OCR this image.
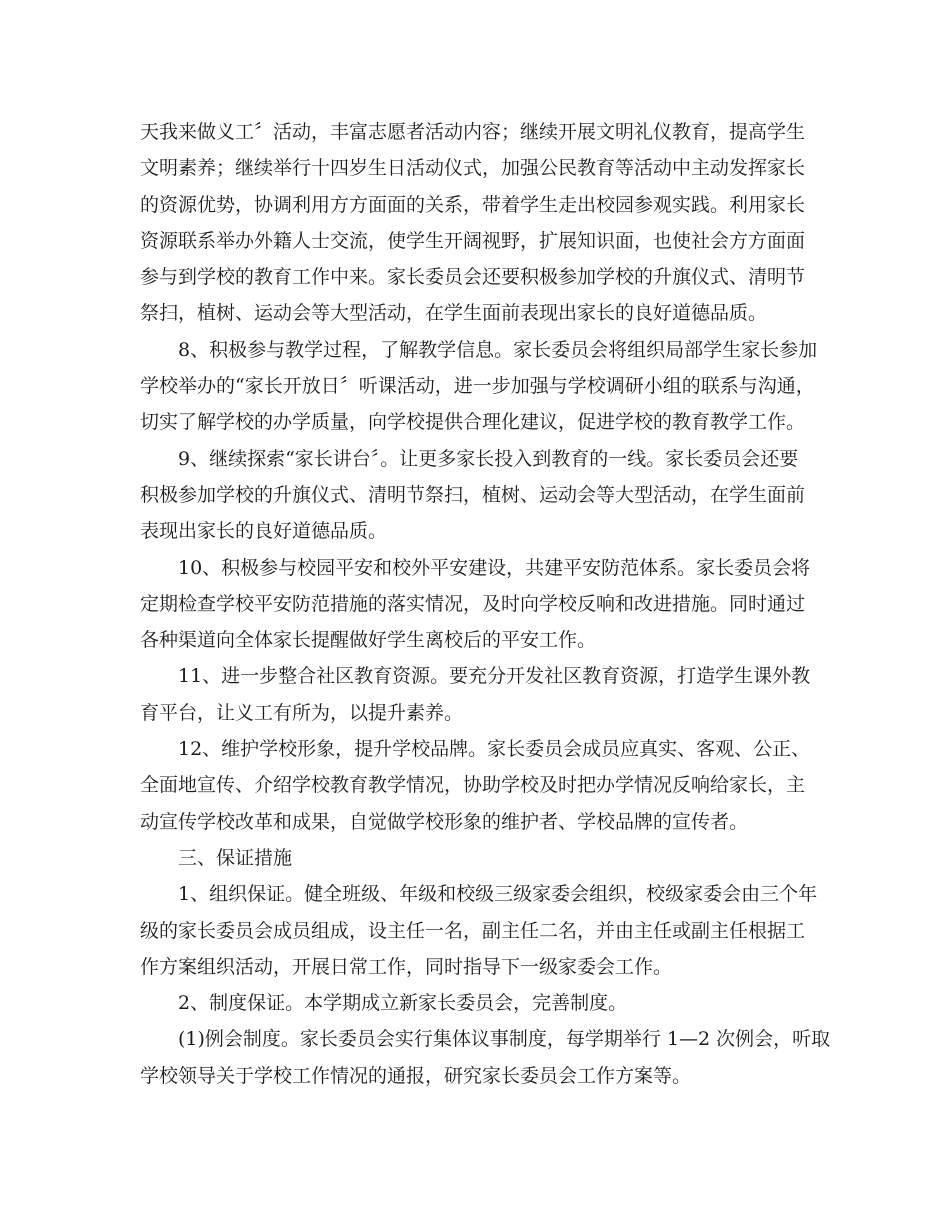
天我来做义工〞活动，丰富志愿者活动内容；继续开展文明礼仪教育，提高学生
文明素养；继续举行十四岁生日活动仪式，加强公民教育等活动中主动发挥家长
的资源优势，协调利用方方面面的关系，带着学生走出校园参观实践。利用家长
资源联系举办外籍人士交流，使学生开阔视野，扩展知识面，也使社会方方面面
参与到学校的教育工作中来。家长委员会还要积极参加学校的升旗仪式、清明节
祭扫，植树、运动会等大型活动，在学生面前表现出家长的良好道德品质。
8、积极参与教学过程，了解教学信息。家长委员会将组织局部学生家长参加
学校举办的“家长开放日〞听课活动，进一步加强与学校调研小组的联系与沟通，
切实了解学校的办学质量，向学校提供合理化建议，促进学校的教育教学工作。
9、继续探索“家长讲台〞。让更多家长投入到教育的一线。家长委员会还要
积极参加学校的升旗仪式、清明节祭扫，植树、运动会等大型活动，在学生面前
表现出家长的良好道德品质。
10、积极参与校园平安和校外平安建设，共建平安防范体系。家长委员会将
定期检查学校平安防范措施的落实情况，及时向学校反响和改进措施。同时通过
各种渠道向全体家长提醒做好学生离校后的平安工作。
11、进一步整合社区教育资源。要充分开发社区教育资源，打造学生课外教
育平台，让义工有所为，以提升素养。
12、维护学校形象，提升学校品牌。家长委员会成员应真实、客观、公正、
全面地宣传、介绍学校教育教学情况，协助学校及时把办学情况反响给家长，主
动宣传学校改革和成果，自觉做学校形象的维护者、学校品牌的宣传者。
三、保证措施
1、组织保证。健全班级、年级和校级三级家委会组织，校级家委会由三个年
级的家长委员会成员组成，设主任一名，副主任二名，并由主任或副主任根据工
作方案组织活动，开展日常工作，同时指导下一级家委会工作。
2、制度保证。本学期成立新家长委员会，完善制度。
(1)例会制度。家长委员会实行集体议事制度，每学期举行 1—2 次例会，听取
学校领导关于学校工作情况的通报，研究家长委员会工作方案等。
